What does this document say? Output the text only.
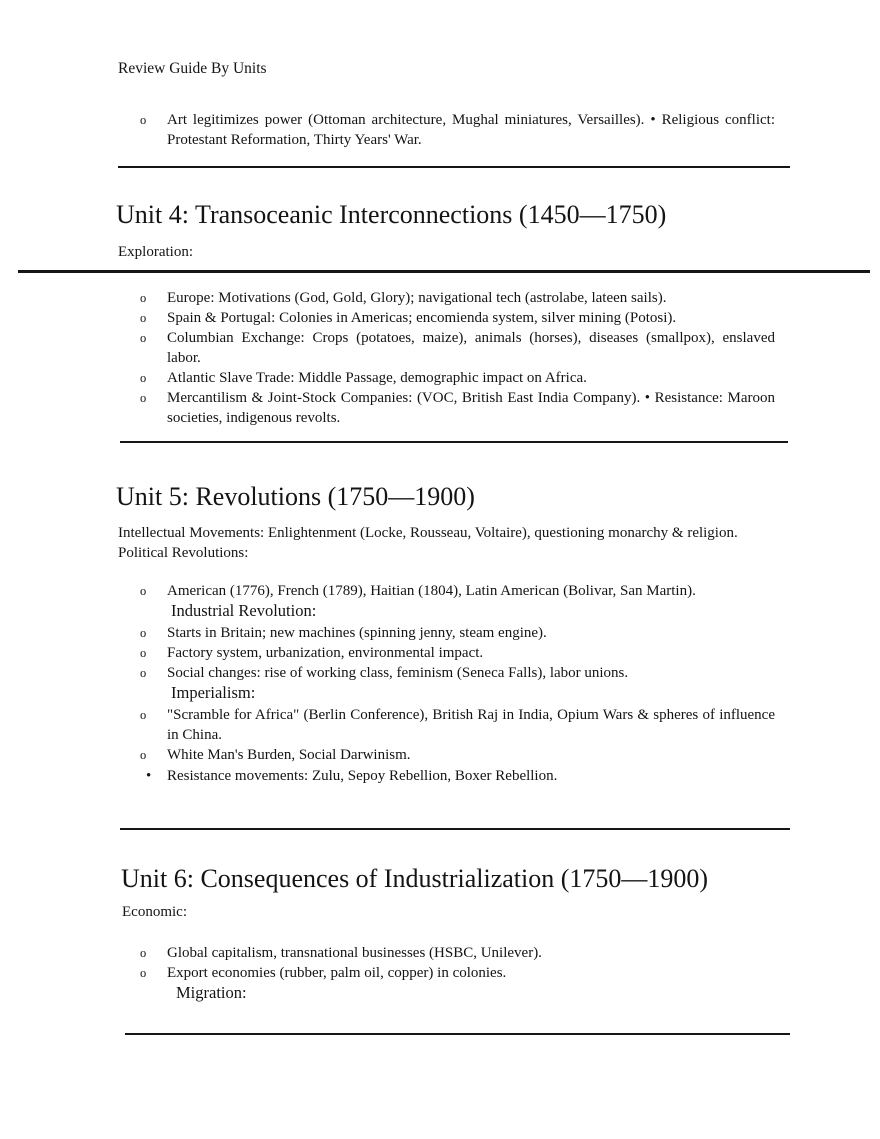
Review Guide By Units
o	Art legitimizes power (Ottoman architecture, Mughal miniatures, Versailles). • Religious conflict: Protestant Reformation, Thirty Years' War.
Unit 4: Transoceanic Interconnections (1450—1750)
Exploration:
o	Europe: Motivations (God, Gold, Glory); navigational tech (astrolabe, lateen sails).
o	Spain & Portugal: Colonies in Americas; encomienda system, silver mining (Potosi).
o	Columbian Exchange: Crops (potatoes, maize), animals (horses), diseases (smallpox), enslaved labor.
o	Atlantic Slave Trade: Middle Passage, demographic impact on Africa.
o	Mercantilism & Joint-Stock Companies: (VOC, British East India Company). • Resistance: Maroon societies, indigenous revolts.
Unit 5: Revolutions (1750—1900)
Intellectual Movements: Enlightenment (Locke, Rousseau, Voltaire), questioning monarchy & religion.
Political Revolutions:
o	American (1776), French (1789), Haitian (1804), Latin American (Bolivar, San Martin).
Industrial Revolution:
o	Starts in Britain; new machines (spinning jenny, steam engine).
o	Factory system, urbanization, environmental impact.
o	Social changes: rise of working class, feminism (Seneca Falls), labor unions.
Imperialism:
o	"Scramble for Africa" (Berlin Conference), British Raj in India, Opium Wars & spheres of influence in China.
o	White Man's Burden, Social Darwinism.
•	Resistance movements: Zulu, Sepoy Rebellion, Boxer Rebellion.
Unit 6: Consequences of Industrialization (1750—1900)
Economic:
o	Global capitalism, transnational businesses (HSBC, Unilever).
o	Export economies (rubber, palm oil, copper) in colonies.
Migration:
